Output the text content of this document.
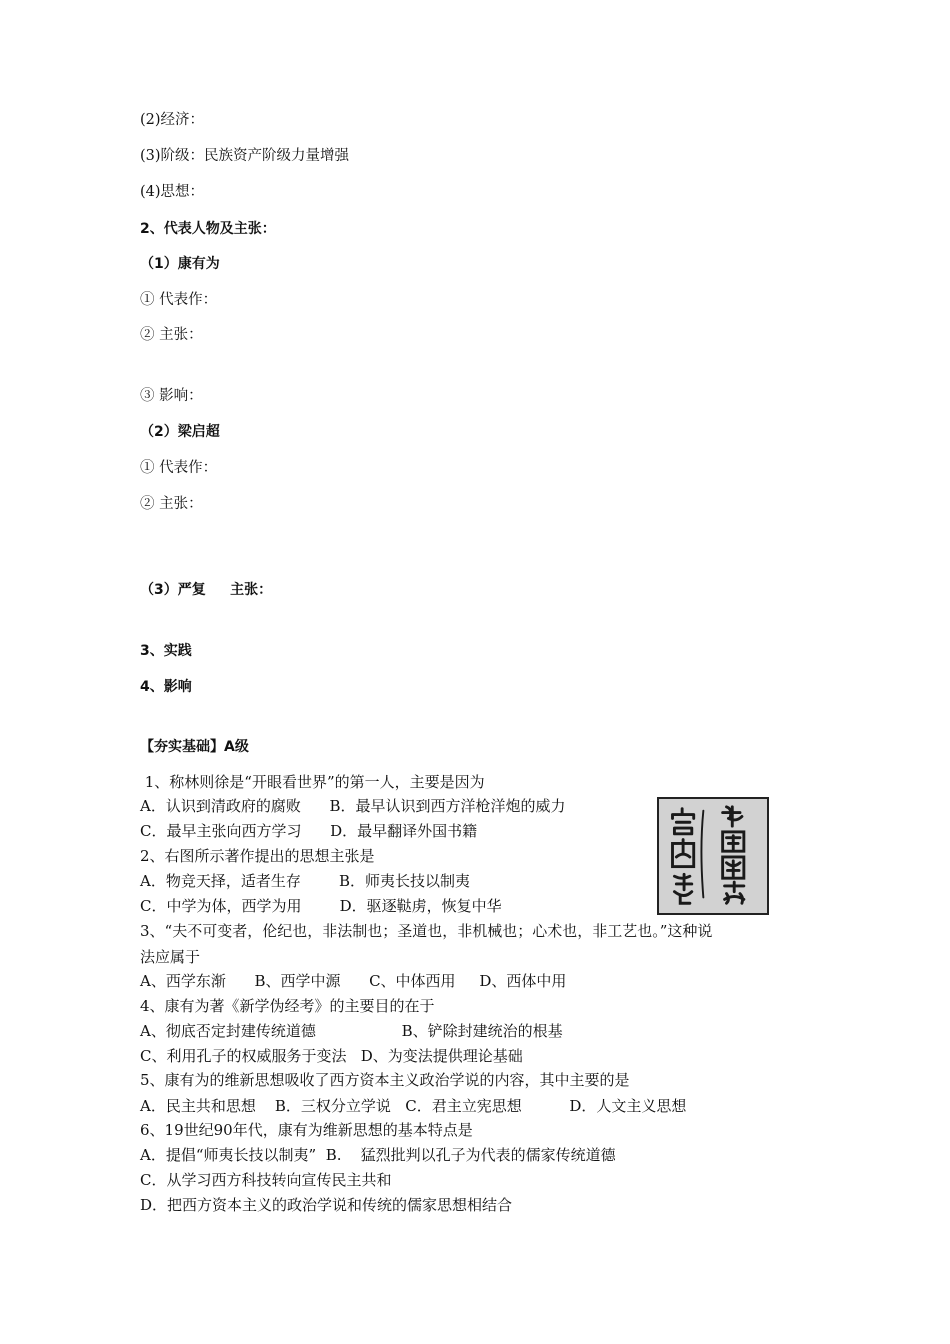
(2)经济：
(3)阶级：民族资产阶级力量增强
(4)思想：
2、代表人物及主张：
（1）康有为
① 代表作：
② 主张：
③ 影响：
（2）梁启超
① 代表作：
② 主张：
（3）严复     主张：
3、实践
4、影响
【夯实基础】A级
1、称林则徐是“开眼看世界”的第一人，主要是因为
A．认识到清政府的腐败      B．最早认识到西方洋枪洋炮的威力
C．最早主张向西方学习      D．最早翻译外国书籍
2、右图所示著作提出的思想主张是
A．物竞天择，适者生存        B．师夷长技以制夷
C．中学为体，西学为用        D．驱逐鞑虏，恢复中华
3、“夫不可变者，伦纪也，非法制也；圣道也，非机械也；心术也，非工艺也。”这种说
法应属于
A、西学东渐      B、西学中源      C、中体西用     D、西体中用
4、康有为著《新学伪经考》的主要目的在于
A、彻底否定封建传统道德                  B、铲除封建统治的根基
C、利用孔子的权威服务于变法   D、为变法提供理论基础
5、康有为的维新思想吸收了西方资本主义政治学说的内容，其中主要的是
A．民主共和思想    B．三权分立学说   C．君主立宪思想          D．人文主义思想
6、19世纪90年代，康有为维新思想的基本特点是
A．提倡“师夷长技以制夷”  B.    猛烈批判以孔子为代表的儒家传统道德
C．从学习西方科技转向宣传民主共和
D．把西方资本主义的政治学说和传统的儒家思想相结合
